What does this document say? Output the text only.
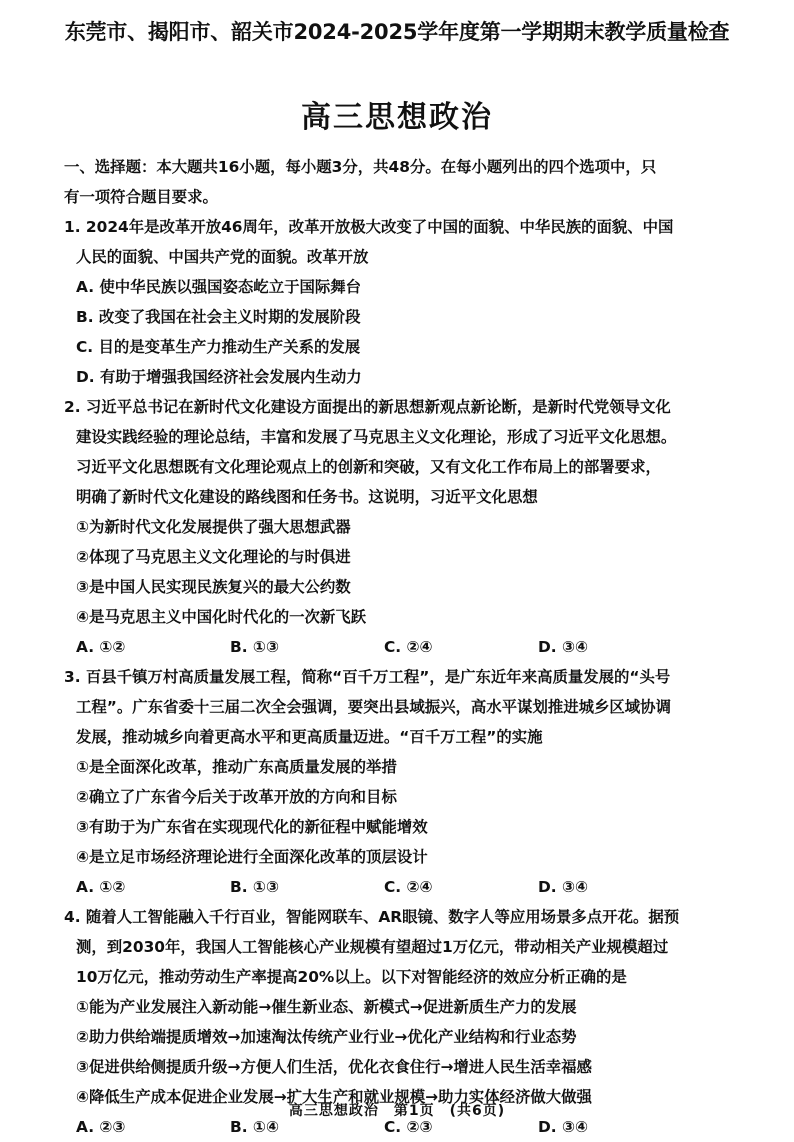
东莞市、揭阳市、韶关市2024-2025学年度第一学期期末教学质量检查
高三思想政治
一、选择题：本大题共16小题，每小题3分，共48分。在每小题列出的四个选项中，只
有一项符合题目要求。
1. 2024年是改革开放46周年，改革开放极大改变了中国的面貌、中华民族的面貌、中国
人民的面貌、中国共产党的面貌。改革开放
A. 使中华民族以强国姿态屹立于国际舞台
B. 改变了我国在社会主义时期的发展阶段
C. 目的是变革生产力推动生产关系的发展
D. 有助于增强我国经济社会发展内生动力
2. 习近平总书记在新时代文化建设方面提出的新思想新观点新论断，是新时代党领导文化
建设实践经验的理论总结，丰富和发展了马克思主义文化理论，形成了习近平文化思想。
习近平文化思想既有文化理论观点上的创新和突破，又有文化工作布局上的部署要求，
明确了新时代文化建设的路线图和任务书。这说明，习近平文化思想
①为新时代文化发展提供了强大思想武器
②体现了马克思主义文化理论的与时俱进
③是中国人民实现民族复兴的最大公约数
④是马克思主义中国化时代化的一次新飞跃
A. ①②	B. ①③	C. ②④	D. ③④
3. 百县千镇万村高质量发展工程，简称“百千万工程”，是广东近年来高质量发展的“头号
工程”。广东省委十三届二次全会强调，要突出县域振兴，高水平谋划推进城乡区域协调
发展，推动城乡向着更高水平和更高质量迈进。“百千万工程”的实施
①是全面深化改革，推动广东高质量发展的举措
②确立了广东省今后关于改革开放的方向和目标
③有助于为广东省在实现现代化的新征程中赋能增效
④是立足市场经济理论进行全面深化改革的顶层设计
A. ①②	B. ①③	C. ②④	D. ③④
4. 随着人工智能融入千行百业，智能网联车、AR眼镜、数字人等应用场景多点开花。据预
测，到2030年，我国人工智能核心产业规模有望超过1万亿元，带动相关产业规模超过
10万亿元，推动劳动生产率提高20%以上。以下对智能经济的效应分析正确的是
①能为产业发展注入新动能→催生新业态、新模式→促进新质生产力的发展
②助力供给端提质增效→加速淘汰传统产业行业→优化产业结构和行业态势
③促进供给侧提质升级→方便人们生活，优化衣食住行→增进人民生活幸福感
④降低生产成本促进企业发展→扩大生产和就业规模→助力实体经济做大做强
A. ②③	B. ①④	C. ②③	D. ③④
高三思想政治　第1页　(共6页)
